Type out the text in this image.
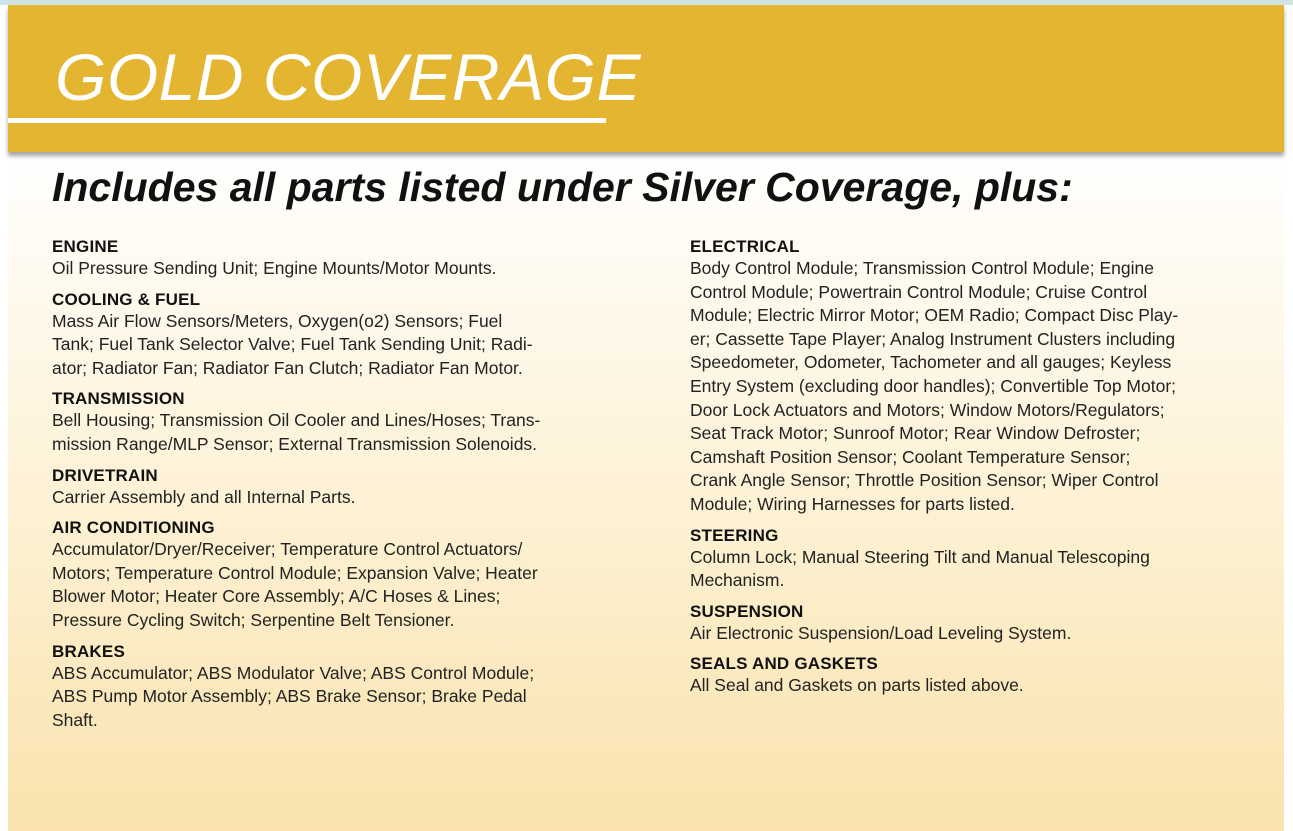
GOLD COVERAGE
Includes all parts listed under Silver Coverage, plus:
ENGINE
Oil Pressure Sending Unit; Engine Mounts/Motor Mounts.
COOLING & FUEL
Mass Air Flow Sensors/Meters, Oxygen(o2) Sensors; Fuel
Tank; Fuel Tank Selector Valve; Fuel Tank Sending Unit; Radi-
ator; Radiator Fan; Radiator Fan Clutch; Radiator Fan Motor.
TRANSMISSION
Bell Housing; Transmission Oil Cooler and Lines/Hoses; Trans-
mission Range/MLP Sensor; External Transmission Solenoids.
DRIVETRAIN
Carrier Assembly and all Internal Parts.
AIR CONDITIONING
Accumulator/Dryer/Receiver; Temperature Control Actuators/
Motors; Temperature Control Module; Expansion Valve; Heater
Blower Motor; Heater Core Assembly; A/C Hoses & Lines;
Pressure Cycling Switch; Serpentine Belt Tensioner.
BRAKES
ABS Accumulator; ABS Modulator Valve; ABS Control Module;
ABS Pump Motor Assembly; ABS Brake Sensor; Brake Pedal
Shaft.
ELECTRICAL
Body Control Module; Transmission Control Module; Engine
Control Module; Powertrain Control Module; Cruise Control
Module; Electric Mirror Motor; OEM Radio; Compact Disc Play-
er; Cassette Tape Player; Analog Instrument Clusters including
Speedometer, Odometer, Tachometer and all gauges; Keyless
Entry System (excluding door handles); Convertible Top Motor;
Door Lock Actuators and Motors; Window Motors/Regulators;
Seat Track Motor; Sunroof Motor; Rear Window Defroster;
Camshaft Position Sensor; Coolant Temperature Sensor;
Crank Angle Sensor; Throttle Position Sensor; Wiper Control
Module; Wiring Harnesses for parts listed.
STEERING
Column Lock; Manual Steering Tilt and Manual Telescoping
Mechanism.
SUSPENSION
Air Electronic Suspension/Load Leveling System.
SEALS AND GASKETS
All Seal and Gaskets on parts listed above.
